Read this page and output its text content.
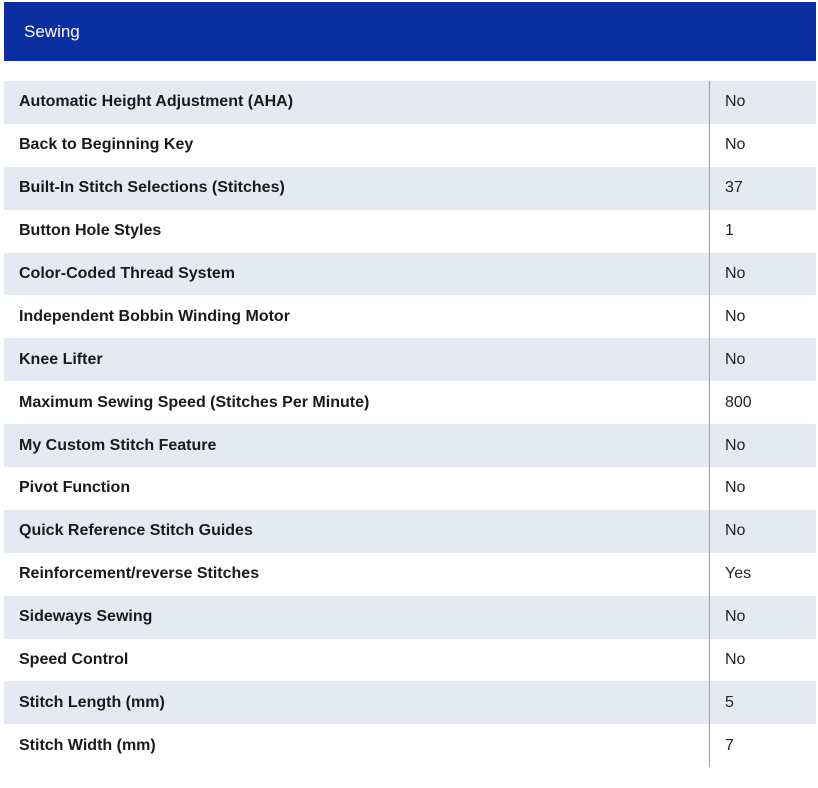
Sewing
Automatic Height Adjustment (AHA)	No
Back to Beginning Key	No
Built-In Stitch Selections (Stitches)	37
Button Hole Styles	1
Color-Coded Thread System	No
Independent Bobbin Winding Motor	No
Knee Lifter	No
Maximum Sewing Speed (Stitches Per Minute)	800
My Custom Stitch Feature	No
Pivot Function	No
Quick Reference Stitch Guides	No
Reinforcement/reverse Stitches	Yes
Sideways Sewing	No
Speed Control	No
Stitch Length (mm)	5
Stitch Width (mm)	7
